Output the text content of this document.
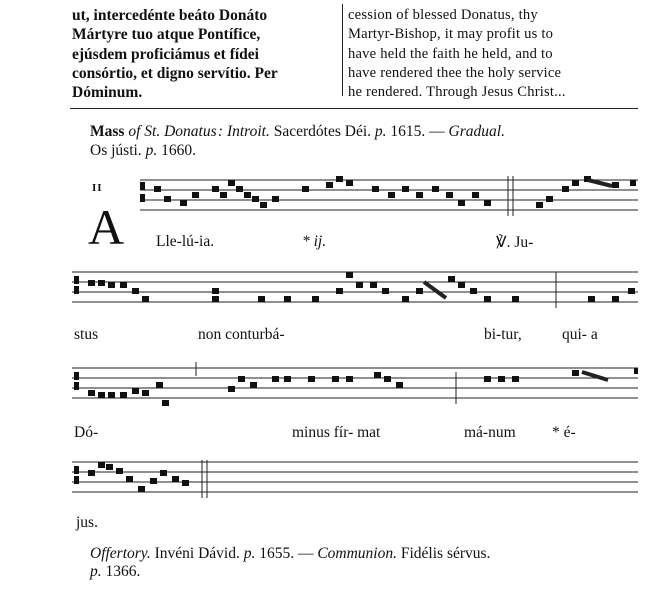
ut, intercedénte beáto Donáto
Mártyre tuo atque Pontífice,
ejúsdem proficiámus et fídei
consórtio, et digno servítio. Per
Dóminum.
cession of blessed Donatus, thy
Martyr-Bishop, it may profit us to
have held the faith he held, and to
have rendered thee the holy service
he rendered. Through Jesus Christ...
Mass of St. Donatus : Introit. Sacerdótes Déi. p. 1615. — Gradual.
Os jústi. p. 1660.
II
A Lle-lú-ia.	* ij.	℣. Ju-
stus	non conturbá-	bi-tur,	qui- a
Dó-	minus fír- mat	má-num * é-
jus.
Offertory. Invéni Dávid. p. 1655. — Communion. Fidélis sérvus.
p. 1366.
